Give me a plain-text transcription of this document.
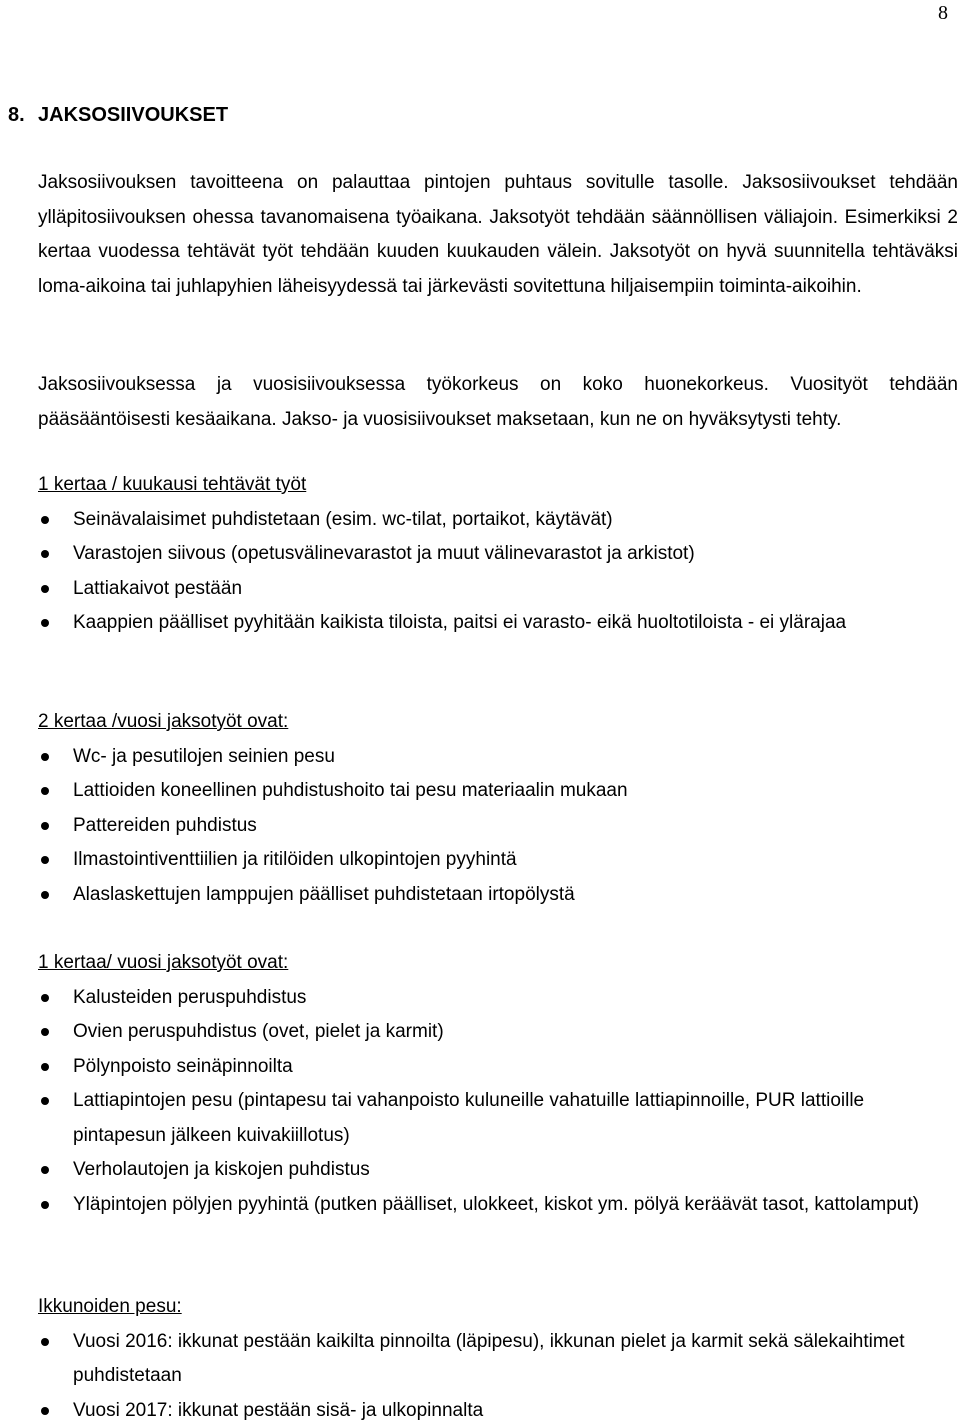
8
8. JAKSOSIIVOUKSET

Jaksosiivouksen tavoitteena on palauttaa pintojen puhtaus sovitulle tasolle. Jaksosiivoukset tehdään ylläpitosiivouksen ohessa tavanomaisena työaikana. Jaksotyöt tehdään säännöllisen väliajoin. Esimerkiksi 2 kertaa vuodessa tehtävät työt tehdään kuuden kuukauden välein. Jaksotyöt on hyvä suunnitella tehtäväksi loma-aikoina tai juhlapyhien läheisyydessä tai järkevästi sovitettuna hiljaisempiin toiminta-aikoihin.

Jaksosiivouksessa ja vuosisiivouksessa työkorkeus on koko huonekorkeus. Vuosityöt tehdään pääsääntöisesti kesäaikana. Jakso- ja vuosisiivoukset maksetaan, kun ne on hyväksytysti tehty.

1 kertaa / kuukausi tehtävät työt

Seinävalaisimet puhdistetaan (esim. wc-tilat, portaikot, käytävät)
Varastojen siivous (opetusvälinevarastot ja muut välinevarastot ja arkistot)
Lattiakaivot pestään
Kaappien päälliset pyyhitään kaikista tiloista, paitsi ei varasto- eikä huoltotiloista - ei ylärajaa

2 kertaa /vuosi jaksotyöt ovat:

Wc- ja pesutilojen seinien pesu
Lattioiden koneellinen puhdistushoito tai pesu materiaalin mukaan
Pattereiden puhdistus
Ilmastointiventtiilien ja ritilöiden ulkopintojen pyyhintä
Alaslaskettujen lamppujen päälliset puhdistetaan irtopölystä

1 kertaa/ vuosi jaksotyöt ovat:

Kalusteiden peruspuhdistus
Ovien peruspuhdistus (ovet, pielet ja karmit)
Pölynpoisto seinäpinnoilta
Lattiapintojen pesu (pintapesu tai vahanpoisto kuluneille vahatuille lattiapinnoille, PUR lattioille pintapesun jälkeen kuivakiillotus)
Verholautojen ja kiskojen puhdistus
Yläpintojen pölyjen pyyhintä (putken päälliset, ulokkeet, kiskot ym. pölyä keräävät tasot, kattolamput)

Ikkunoiden pesu:

Vuosi 2016: ikkunat pestään kaikilta pinnoilta (läpipesu), ikkunan pielet ja karmit sekä sälekaihtimet puhdistetaan
Vuosi 2017: ikkunat pestään sisä- ja ulkopinnalta
